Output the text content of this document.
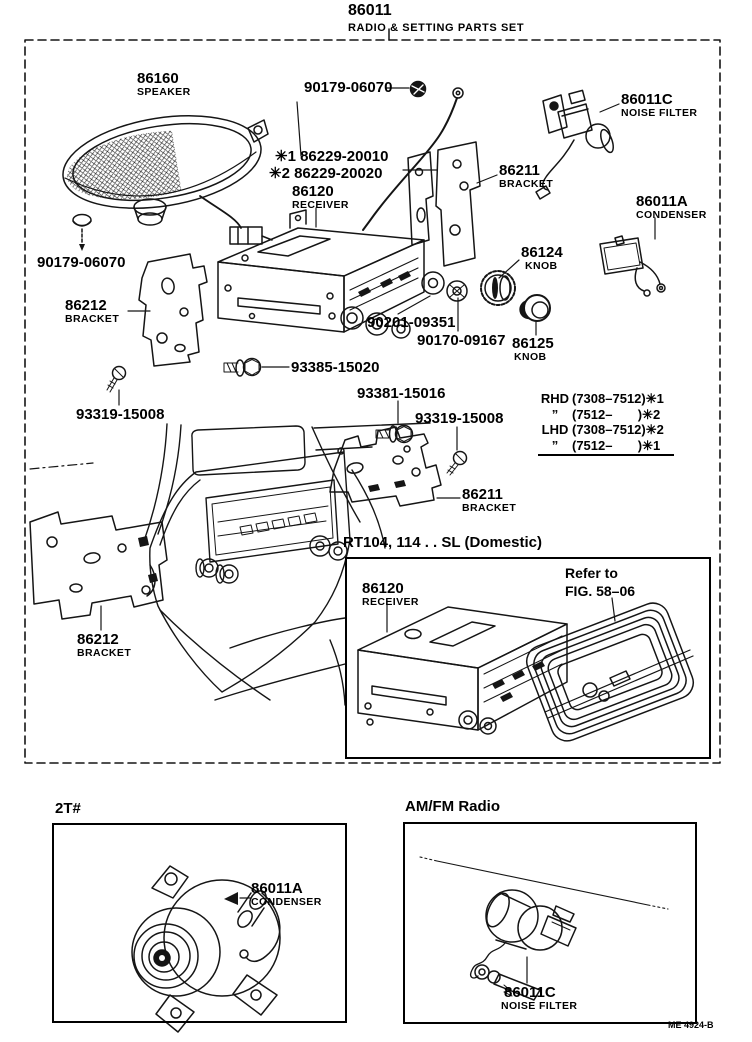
86011
RADIO & SETTING PARTS SET
86160
SPEAKER	90179-06070
86011C
NOISE FILTER
✳1 86229-20010
✳2 86229-20020
86120
RECEIVER
86211
BRACKET
86011A
CONDENSER
86124
KNOB
90201-09351
90170-09167 86125
KNOB
90179-06070
86212
BRACKET
93385-15020
93319-15008
93381-15016
93319-15008
86211
BRACKET
86212
BRACKET
RHD (7308–7512) ✳1
”	(7512–       ) ✳2
LHD (7308–7512) ✳2
”	(7512–       ) ✳1
RT104, 114 . . SL (Domestic)
86120
RECEIVER
Refer to
FIG. 58–06
2T#
86011A
CONDENSER
AM/FM Radio
86011C
NOISE FILTER
ME 4924-B
